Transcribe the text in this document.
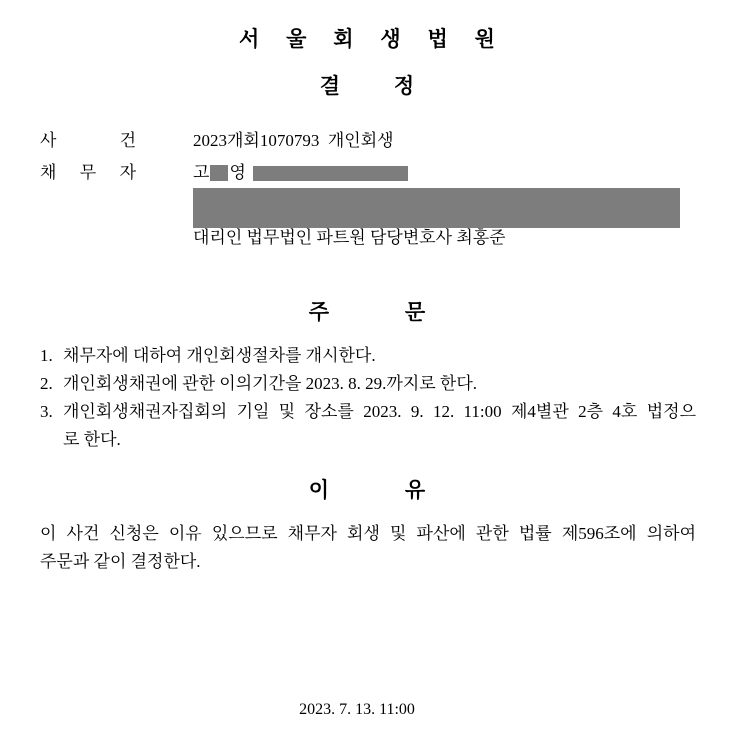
서 울 회 생 법 원
결 정
사 건	2023개회1070793  개인회생
채 무 자	고 영
대리인 법무법인 파트원 담당변호사 최홍준
주 문
1. 채무자에 대하여 개인회생절차를 개시한다.
2. 개인회생채권에 관한 이의기간을 2023. 8. 29.까지로 한다.
3. 개인회생채권자집회의 기일 및 장소를 2023. 9. 12. 11:00 제4별관 2층 4호 법정으
로 한다.
이 유
이 사건 신청은 이유 있으므로 채무자 회생 및 파산에 관한 법률 제596조에 의하여
주문과 같이 결정한다.
2023. 7. 13. 11:00
